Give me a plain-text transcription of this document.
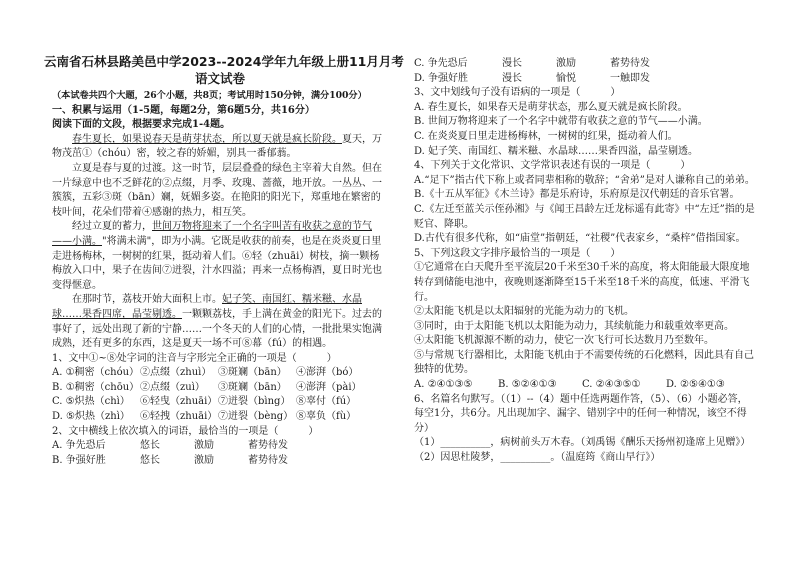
云南省石林县路美邑中学2023--2024学年九年级上册11月月考
语文试卷

（本试卷共四个大题，26个小题，共8页；考试用时150分钟，满分100分）

一、积累与运用（1-5题，每题2分，第6题5分，共16分）

阅读下面的文段，根据要求完成1-4题。

春生夏长，如果说春天是萌芽状态，所以夏天就是疯长阶段。夏天，万物茂茁①（chóu）密，较之春的娇媚，别具一番郁蓊。

立夏是春与夏的过渡。这一时节，层层叠叠的绿色主宰着大自然。但在一片绿意中也不乏鲜花的②点缀，月季、玫瑰、蔷薇，地开放。一丛丛、一簇簇，五彩③斑（bān）斓，妩媚多姿。在艳阳的阳光下，郑重地在繁密的枝叶间，花朵们带着④感谢的热力，相互笑。

经过立夏的蓄力，世间万物将迎来了一个名字叫苦有收获之意的节气——小满。"将满未满"，即为小满。它既是收获的前奏，也是在炎炎夏日里走进杨梅林，一树树的红果，挺动着人们。⑥轻（zhuāi）树枝，摘一颗杨梅放入口中，果子在齿间⑦迸裂，汁水四溢；再来一点杨梅酒，夏日时光也变得惬意。

在那时节，荔枝开始大面积上市。妃子笑、南国红、糯米糍、水晶球……果香四席，晶莹剔透。一颗颗荔枝，手上满在黄金的阳光下。过去的事好了，远处出现了新的宁静……一个冬天的人们的心情，一批批果实饱满成熟，还有更多的东西，这是夏天一场不可⑧幕（fú）的相遇。

1、文中①~⑧处字词的注音与字形完全正确的一项是（　　　）

A. ①稠密（chóu）②点缀（zhuì） ③斑斓（bān） ④澎湃（bó）

B. ①稠密（chōu）②点缀（zuì） ③斑斓（bān） ④澎湃（pài）

C. ⑤炽热（chì） ⑥轻曳（zhuāi）⑦迸裂（bìng） ⑧辜付（fú）

D. ⑤炽热（zhì） ⑥轻拽（zhuāi）⑦迸裂（bèng） ⑧辜负（fù）

2、文中横线上依次填入的词语，最恰当的一项是（　　　）

A. 争先恐后	悠长	激励	蓄势待发

B. 争强好胜	悠长	激励	蓄势待发

C. 争先恐后	漫长	激励	蓄势待发

D. 争强好胜	漫长	愉悦	一触即发

3、文中划线句子没有语病的一项是（　　　）

A. 春生夏长，如果春天是萌芽状态，那么夏天就是疯长阶段。

B. 世间万物将迎来了一个名字中就带有收获之意的节气——小满。

C. 在炎炎夏日里走进杨梅林，一树树的红果，挺动着人们。

D. 妃子笑、南国红、糯米糍、水晶球……果香四溢，晶莹剔透。

4、下列关于文化常识、文学常识表述有误的一项是（　　　）

A.“足下”指古代下称上或者同辈相称的敬辞；“舍弟”是对人谦称自己的弟弟。

B.《十五从军征》《木兰诗》都是乐府诗，乐府原是汉代朝廷的音乐官署。

C.《左迁至蓝关示侄孙湘》与《闻王昌龄左迁龙标遥有此寄》中“左迁”指的是贬官、降职。

D.古代有很多代称，如“庙堂”指朝廷，“社稷”代表家乡，“桑梓”借指国家。

5、下列这段文字排序最恰当的一项是（　　）

①它通常在白天爬升至平流层20千米至30千米的高度，将太阳能最大限度地转存到储能电池中，夜晚则逐渐降至15千米至18千米的高度，低速、平滑飞行。

②太阳能飞机是以太阳辐射的光能为动力的飞机。

③同时，由于太阳能飞机以太阳能为动力，其续航能力和载重效率更高。

④太阳能飞机源源不断的动力，使它一次飞行可长达数月乃至数年。

⑤与常规飞行器相比，太阳能飞机由于不需要传统的石化燃料，因此具有自己独特的优势。

A. ②④①③⑤	B. ⑤②④①③	C. ②④③⑤①	D. ②⑤④①③

6、名篇名句默写。（（1）--（4）题中任选两题作答，（5）、（6）小题必答，每空1分，共6分。凡出现加字、漏字、错别字中的任何一种情况，该空不得分）

（1）__________，病树前头万木春。（刘禹锡《酬乐天扬州初逢席上见赠》）

（2）因思杜陵梦，__________。（温庭筠《商山早行》）
